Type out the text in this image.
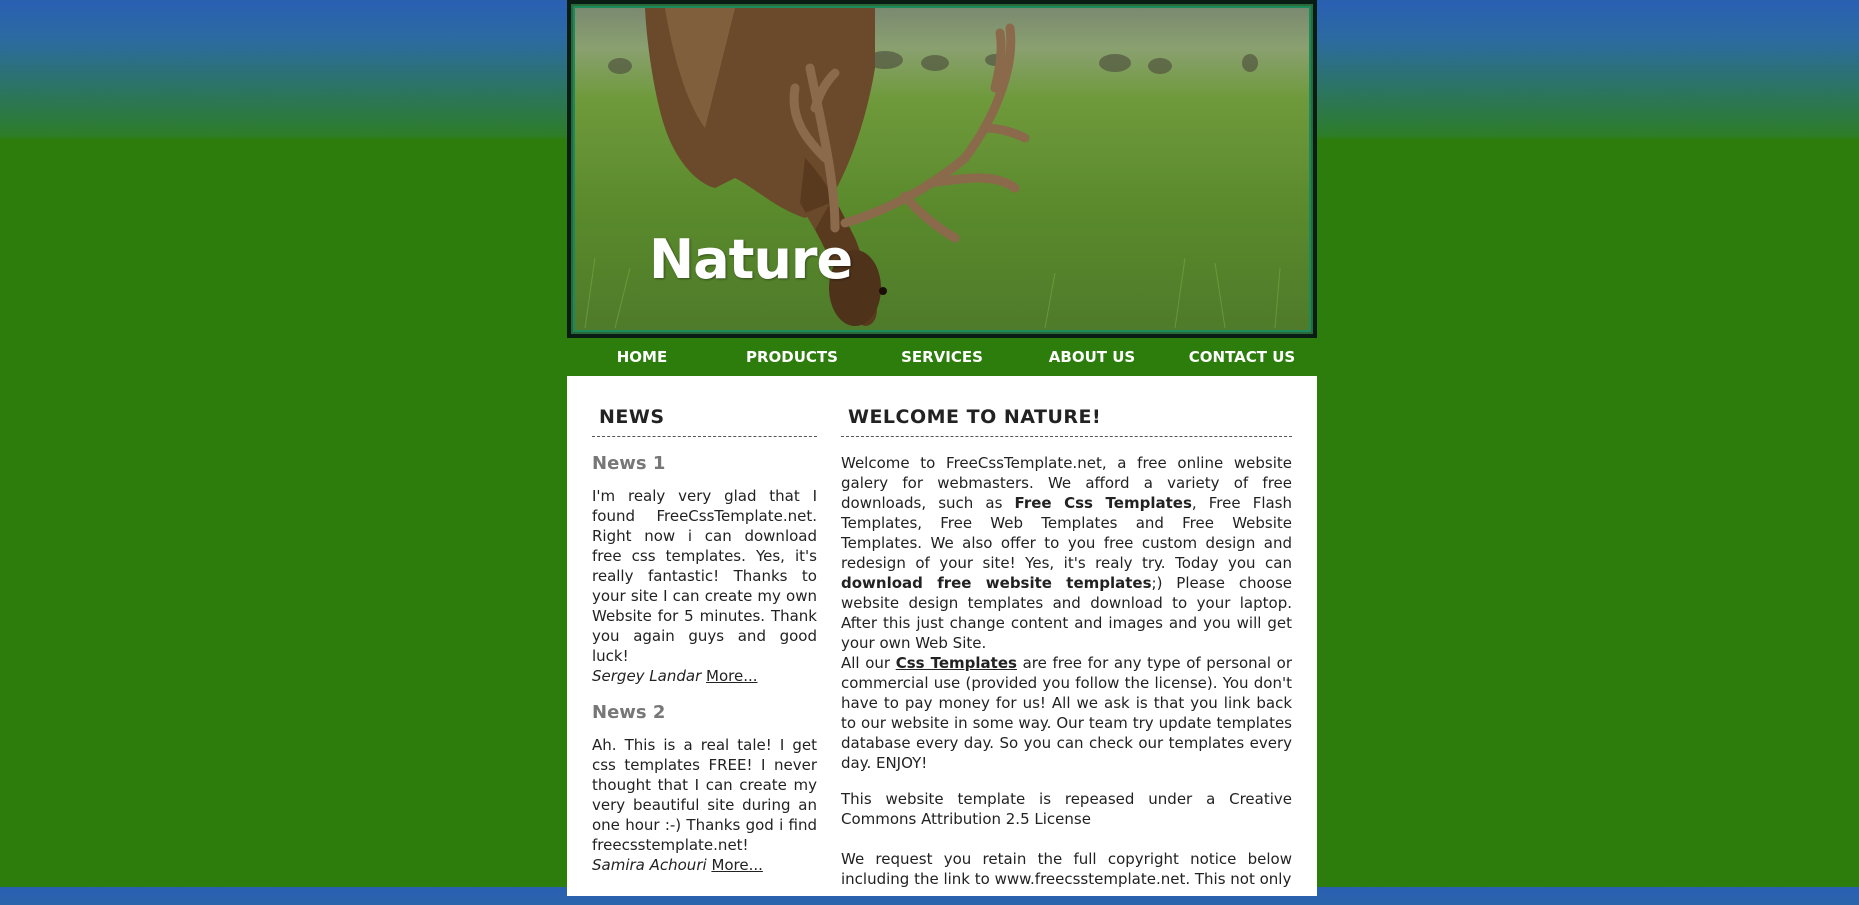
Nature
HOME	PRODUCTS	SERVICES	ABOUT US	CONTACT US
NEWS
News 1

I'm realy very glad that I found FreeCssTemplate.net. Right now i can download free css templates. Yes, it's really fantastic! Thanks to your site I can create my own Website for 5 minutes. Thank you again guys and good luck!

Sergey Landar More...

News 2

Ah. This is a real tale! I get css templates FREE! I never thought that I can create my very beautiful site during an one hour :-) Thanks god i find freecsstemplate.net!

Samira Achouri More...

WELCOME TO NATURE!

Welcome to FreeCssTemplate.net, a free online website galery for webmasters. We afford a variety of free downloads, such as Free Css Templates, Free Flash Templates, Free Web Templates and Free Website Templates. We also offer to you free custom design and redesign of your site! Yes, it's realy try. Today you can download free website templates;) Please choose website design templates and download to your laptop. After this just change content and images and you will get your own Web Site.

All our Css Templates are free for any type of personal or commercial use (provided you follow the license). You don't have to pay money for us! All we ask is that you link back to our website in some way. Our team try update templates database every day. So you can check our templates every day. ENJOY!

This website template is repeased under a Creative Commons Attribution 2.5 License

We request you retain the full copyright notice below including the link to www.freecsstemplate.net. This not only
